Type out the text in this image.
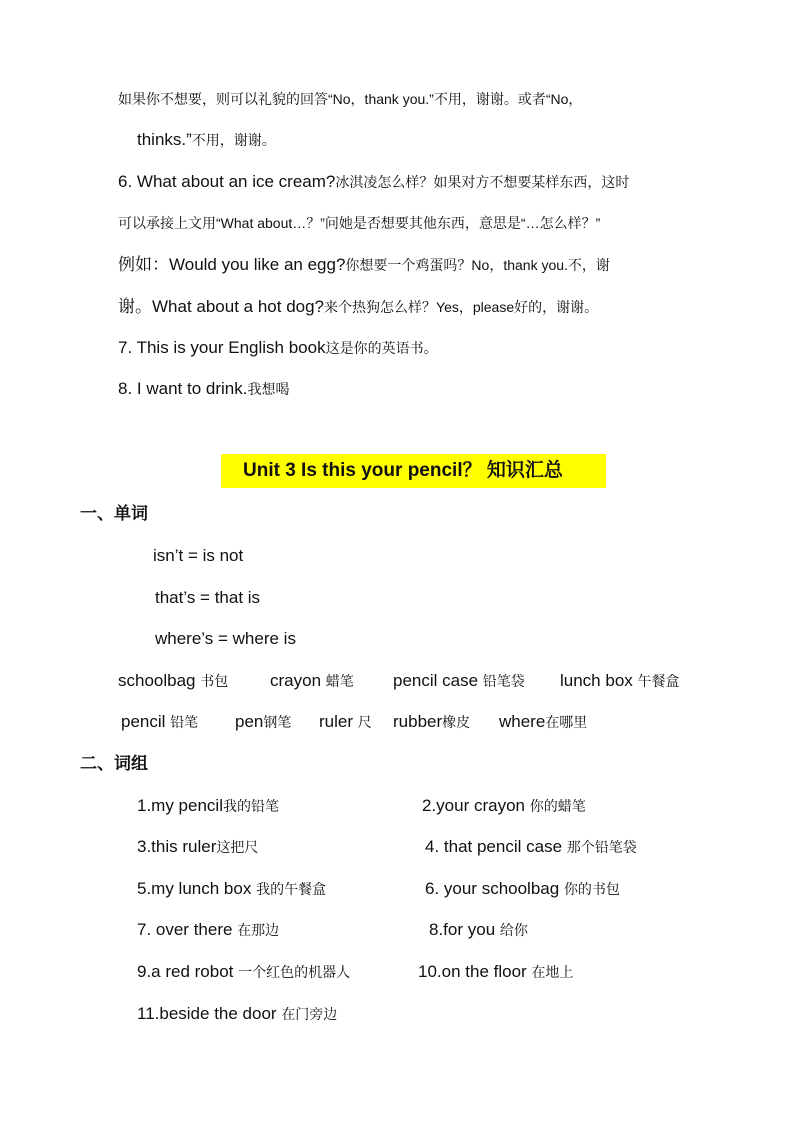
如果你不想要，则可以礼貌的回答“No，thank you.”不用，谢谢。或者“No，
thinks.”不用，谢谢。
6. What about an ice cream?冰淇凌怎么样？如果对方不想要某样东西，这时
可以承接上文用“What about…？”问她是否想要其他东西，意思是“…怎么样？”
例如：Would you like an egg?你想要一个鸡蛋吗？No，thank you.不，谢
谢。What about a hot dog?来个热狗怎么样？Yes，please好的，谢谢。
7. This is your English book这是你的英语书。
8. I want to drink.我想喝
Unit 3 Is this your pencil？ 知识汇总
一、单词
isn’t = is not
that’s = that is
where’s = where is
schoolbag 书包 crayon 蜡笔 pencil case 铅笔袋 lunch box 午餐盒
pencil 铅笔 pen钢笔 ruler 尺 rubber橡皮 where在哪里
二、词组
1.my pencil我的铅笔	2.your crayon 你的蜡笔
3.this ruler这把尺	4. that pencil case 那个铅笔袋
5.my lunch box 我的午餐盒	6. your schoolbag 你的书包
7. over there 在那边	8.for you 给你
9.a red robot 一个红色的机器人	10.on the floor 在地上
11.beside the door 在门旁边
